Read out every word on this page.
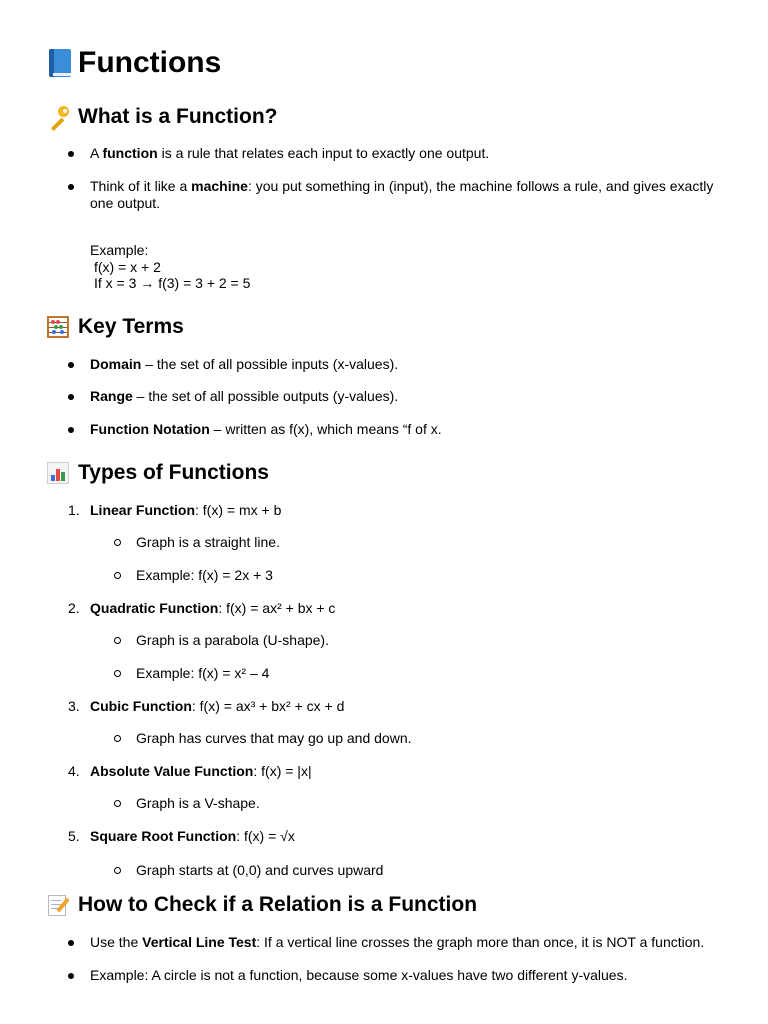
Functions
What is a Function?
A function is a rule that relates each input to exactly one output.
Think of it like a machine: you put something in (input), the machine follows a rule, and gives exactly one output.
Example:
f(x) = x + 2
If x = 3 → f(3) = 3 + 2 = 5
Key Terms
Domain – the set of all possible inputs (x-values).
Range – the set of all possible outputs (y-values).
Function Notation – written as f(x), which means “f of x.
Types of Functions
1. Linear Function: f(x) = mx + b
Graph is a straight line.
Example: f(x) = 2x + 3
2. Quadratic Function: f(x) = ax² + bx + c
Graph is a parabola (U-shape).
Example: f(x) = x² – 4
3. Cubic Function: f(x) = ax³ + bx² + cx + d
Graph has curves that may go up and down.
4. Absolute Value Function: f(x) = |x|
Graph is a V-shape.
5. Square Root Function: f(x) = √x
Graph starts at (0,0) and curves upward
How to Check if a Relation is a Function
Use the Vertical Line Test: If a vertical line crosses the graph more than once, it is NOT a function.
Example: A circle is not a function, because some x-values have two different y-values.
